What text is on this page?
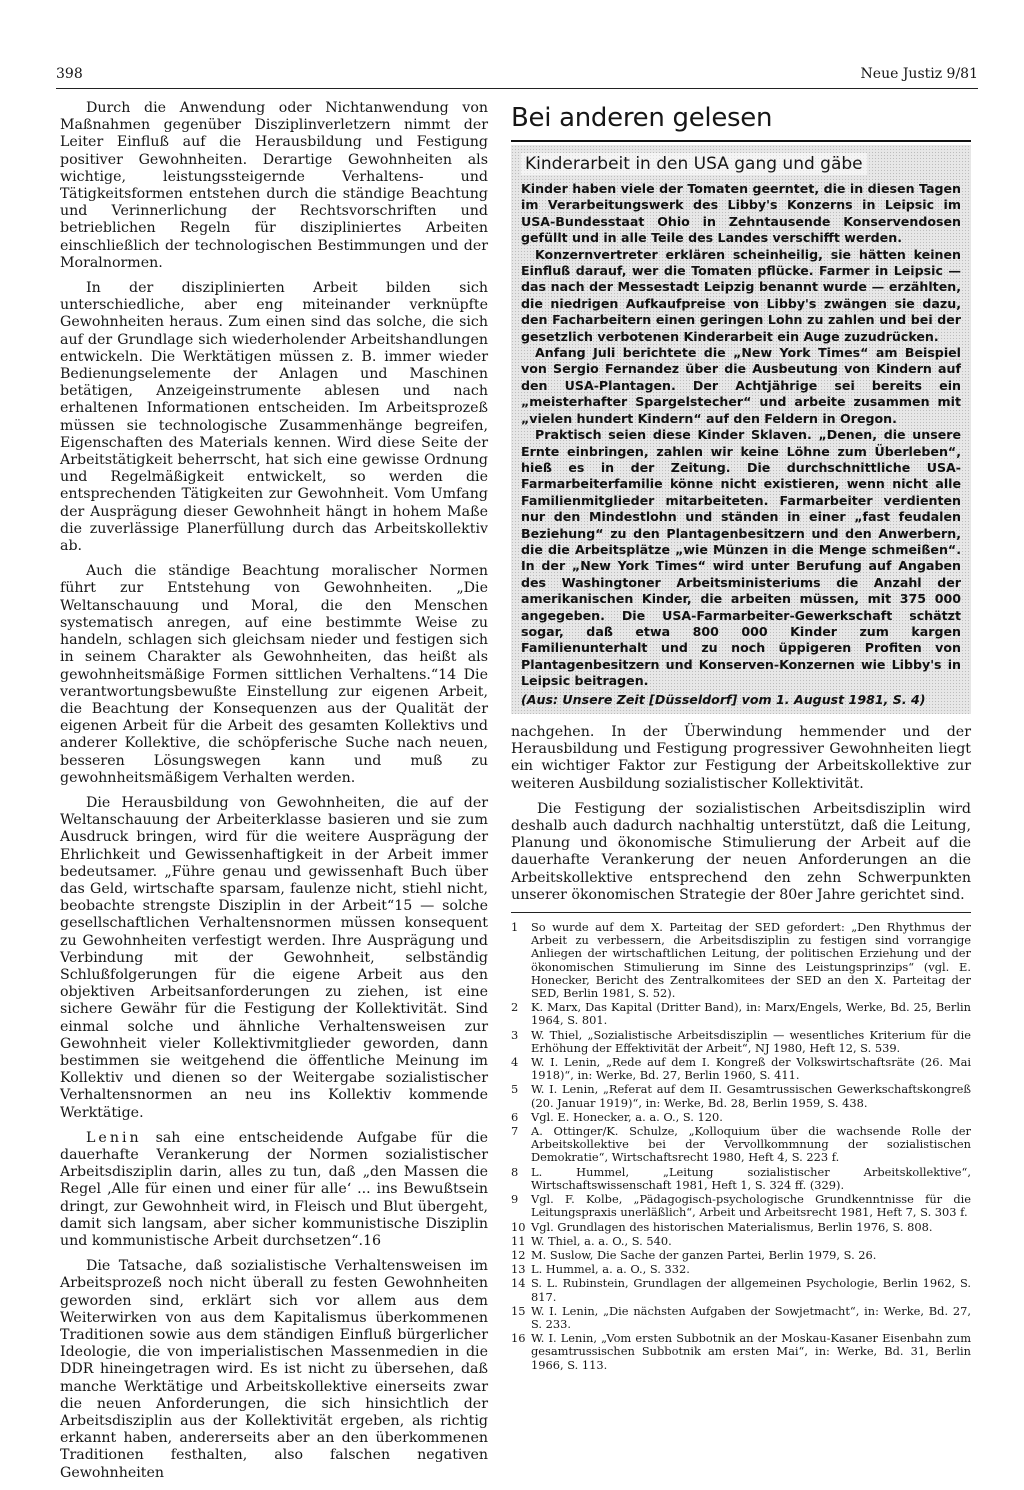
398	Neue Justiz 9/81

Durch die Anwendung oder Nichtanwendung von Maßnahmen gegenüber Disziplinverletzern nimmt der Leiter Einfluß auf die Herausbildung und Festigung positiver Gewohnheiten. Derartige Gewohnheiten als wichtige, leistungssteigernde Verhaltens- und Tätigkeitsformen entstehen durch die ständige Beachtung und Verinnerlichung der Rechtsvorschriften und betrieblichen Regeln für diszipliniertes Arbeiten einschließlich der technologischen Bestimmungen und der Moralnormen.

In der disziplinierten Arbeit bilden sich unterschiedliche, aber eng miteinander verknüpfte Gewohnheiten heraus. Zum einen sind das solche, die sich auf der Grundlage sich wiederholender Arbeitshandlungen entwickeln. Die Werktätigen müssen z. B. immer wieder Bedienungselemente der Anlagen und Maschinen betätigen, Anzeigeinstrumente ablesen und nach erhaltenen Informationen entscheiden. Im Arbeitsprozeß müssen sie technologische Zusammenhänge begreifen, Eigenschaften des Materials kennen. Wird diese Seite der Arbeitstätigkeit beherrscht, hat sich eine gewisse Ordnung und Regelmäßigkeit entwickelt, so werden die entsprechenden Tätigkeiten zur Gewohnheit. Vom Umfang der Ausprägung dieser Gewohnheit hängt in hohem Maße die zuverlässige Planerfüllung durch das Arbeitskollektiv ab.

Auch die ständige Beachtung moralischer Normen führt zur Entstehung von Gewohnheiten. „Die Weltanschauung und Moral, die den Menschen systematisch anregen, auf eine bestimmte Weise zu handeln, schlagen sich gleichsam nieder und festigen sich in seinem Charakter als Gewohnheiten, das heißt als gewohnheitsmäßige Formen sittlichen Verhaltens.“14 Die verantwortungsbewußte Einstellung zur eigenen Arbeit, die Beachtung der Konsequenzen aus der Qualität der eigenen Arbeit für die Arbeit des gesamten Kollektivs und anderer Kollektive, die schöpferische Suche nach neuen, besseren Lösungswegen kann und muß zu gewohnheitsmäßigem Verhalten werden.

Die Herausbildung von Gewohnheiten, die auf der Weltanschauung der Arbeiterklasse basieren und sie zum Ausdruck bringen, wird für die weitere Ausprägung der Ehrlichkeit und Gewissenhaftigkeit in der Arbeit immer bedeutsamer. „Führe genau und gewissenhaft Buch über das Geld, wirtschafte sparsam, faulenze nicht, stiehl nicht, beobachte strengste Disziplin in der Arbeit“15 — solche gesellschaftlichen Verhaltensnormen müssen konsequent zu Gewohnheiten verfestigt werden. Ihre Ausprägung und Verbindung mit der Gewohnheit, selbständig Schlußfolgerungen für die eigene Arbeit aus den objektiven Arbeitsanforderungen zu ziehen, ist eine sichere Gewähr für die Festigung der Kollektivität. Sind einmal solche und ähnliche Verhaltensweisen zur Gewohnheit vieler Kollektivmitglieder geworden, dann bestimmen sie weitgehend die öffentliche Meinung im Kollektiv und dienen so der Weitergabe sozialistischer Verhaltensnormen an neu ins Kollektiv kommende Werktätige.

Lenin sah eine entscheidende Aufgabe für die dauerhafte Verankerung der Normen sozialistischer Arbeitsdisziplin darin, alles zu tun, daß „den Massen die Regel ‚Alle für einen und einer für alle‘ ... ins Bewußtsein dringt, zur Gewohnheit wird, in Fleisch und Blut übergeht, damit sich langsam, aber sicher kommunistische Disziplin und kommunistische Arbeit durchsetzen“.16

Die Tatsache, daß sozialistische Verhaltensweisen im Arbeitsprozeß noch nicht überall zu festen Gewohnheiten geworden sind, erklärt sich vor allem aus dem Weiterwirken von aus dem Kapitalismus überkommenen Traditionen sowie aus dem ständigen Einfluß bürgerlicher Ideologie, die von imperialistischen Massenmedien in die DDR hineingetragen wird. Es ist nicht zu übersehen, daß manche Werktätige und Arbeitskollektive einerseits zwar die neuen Anforderungen, die sich hinsichtlich der Arbeitsdisziplin aus der Kollektivität ergeben, als richtig erkannt haben, andererseits aber an den überkommenen Traditionen festhalten, also falschen negativen Gewohnheiten

Bei anderen gelesen
Kinderarbeit in den USA gang und gäbe

Kinder haben viele der Tomaten geerntet, die in diesen Tagen im Verarbeitungswerk des Libby's Konzerns in Leipsic im USA-Bundesstaat Ohio in Zehntausende Konservendosen gefüllt und in alle Teile des Landes verschifft werden.

Konzernvertreter erklären scheinheilig, sie hätten keinen Einfluß darauf, wer die Tomaten pflücke. Farmer in Leipsic — das nach der Messestadt Leipzig benannt wurde — erzählten, die niedrigen Aufkaufpreise von Libby's zwängen sie dazu, den Facharbeitern einen geringen Lohn zu zahlen und bei der gesetzlich verbotenen Kinderarbeit ein Auge zuzudrücken.

Anfang Juli berichtete die „New York Times“ am Beispiel von Sergio Fernandez über die Ausbeutung von Kindern auf den USA-Plantagen. Der Achtjährige sei bereits ein „meisterhafter Spargelstecher“ und arbeite zusammen mit „vielen hundert Kindern“ auf den Feldern in Oregon.

Praktisch seien diese Kinder Sklaven. „Denen, die unsere Ernte einbringen, zahlen wir keine Löhne zum Überleben“, hieß es in der Zeitung. Die durchschnittliche USA-Farmarbeiterfamilie könne nicht existieren, wenn nicht alle Familienmitglieder mitarbeiteten. Farmarbeiter verdienten nur den Mindestlohn und ständen in einer „fast feudalen Beziehung“ zu den Plantagenbesitzern und den Anwerbern, die die Arbeitsplätze „wie Münzen in die Menge schmeißen“. In der „New York Times“ wird unter Berufung auf Angaben des Washingtoner Arbeitsministeriums die Anzahl der amerikanischen Kinder, die arbeiten müssen, mit 375 000 angegeben. Die USA-Farmarbeiter-Gewerkschaft schätzt sogar, daß etwa 800 000 Kinder zum kargen Familienunterhalt und zu noch üppigeren Profiten von Plantagenbesitzern und Konserven-Konzernen wie Libby's in Leipsic beitragen.

(Aus: Unsere Zeit [Düsseldorf] vom 1. August 1981, S. 4)

nachgehen. In der Überwindung hemmender und der Herausbildung und Festigung progressiver Gewohnheiten liegt ein wichtiger Faktor zur Festigung der Arbeitskollektive zur weiteren Ausbildung sozialistischer Kollektivität.

Die Festigung der sozialistischen Arbeitsdisziplin wird deshalb auch dadurch nachhaltig unterstützt, daß die Leitung, Planung und ökonomische Stimulierung der Arbeit auf die dauerhafte Verankerung der neuen Anforderungen an die Arbeitskollektive entsprechend den zehn Schwerpunkten unserer ökonomischen Strategie der 80er Jahre gerichtet sind.

1	So wurde auf dem X. Parteitag der SED gefordert: „Den Rhythmus der Arbeit zu verbessern, die Arbeitsdisziplin zu festigen sind vorrangige Anliegen der wirtschaftlichen Leitung, der politischen Erziehung und der ökonomischen Stimulierung im Sinne des Leistungsprinzips“ (vgl. E. Honecker, Bericht des Zentralkomitees der SED an den X. Parteitag der SED, Berlin 1981, S. 52).
2	K. Marx, Das Kapital (Dritter Band), in: Marx/Engels, Werke, Bd. 25, Berlin 1964, S. 801.
3	W. Thiel, „Sozialistische Arbeitsdisziplin — wesentliches Kriterium für die Erhöhung der Effektivität der Arbeit“, NJ 1980, Heft 12, S. 539.
4	W. I. Lenin, „Rede auf dem I. Kongreß der Volkswirtschaftsräte (26. Mai 1918)“, in: Werke, Bd. 27, Berlin 1960, S. 411.
5	W. I. Lenin, „Referat auf dem II. Gesamtrussischen Gewerkschaftskongreß (20. Januar 1919)“, in: Werke, Bd. 28, Berlin 1959, S. 438.
6	Vgl. E. Honecker, a. a. O., S. 120.
7	A. Ottinger/K. Schulze, „Kolloquium über die wachsende Rolle der Arbeitskollektive bei der Vervollkommnung der sozialistischen Demokratie“, Wirtschaftsrecht 1980, Heft 4, S. 223 f.
8	L. Hummel, „Leitung sozialistischer Arbeitskollektive“, Wirtschaftswissenschaft 1981, Heft 1, S. 324 ff. (329).
9	Vgl. F. Kolbe, „Pädagogisch-psychologische Grundkenntnisse für die Leitungspraxis unerläßlich“, Arbeit und Arbeitsrecht 1981, Heft 7, S. 303 f.
10 Vgl. Grundlagen des historischen Materialismus, Berlin 1976, S. 808.
11 W. Thiel, a. a. O., S. 540.
12 M. Suslow, Die Sache der ganzen Partei, Berlin 1979, S. 26.
13 L. Hummel, a. a. O., S. 332.
14 S. L. Rubinstein, Grundlagen der allgemeinen Psychologie, Berlin 1962, S. 817.
15 W. I. Lenin, „Die nächsten Aufgaben der Sowjetmacht“, in: Werke, Bd. 27, S. 233.
16 W. I. Lenin, „Vom ersten Subbotnik an der Moskau-Kasaner Eisenbahn zum gesamtrussischen Subbotnik am ersten Mai“, in: Werke, Bd. 31, Berlin 1966, S. 113.
